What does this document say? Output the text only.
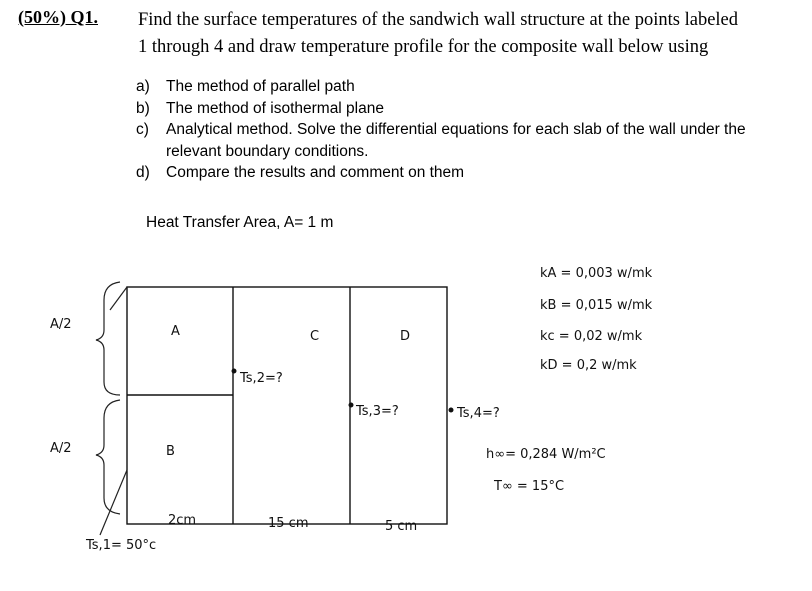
(50%) Q1. Find the surface temperatures of the sandwich wall structure at the points labeled
1 through 4 and draw temperature profile for the composite wall below using
a)	The method of parallel path
b)	The method of isothermal plane
c)	Analytical method. Solve the differential equations for each slab of the wall under the relevant boundary conditions.
d)	Compare the results and comment on them
Heat Transfer Area, A= 1 m
A
B
C	D
A/2
A/2
Ts,2=?
Ts,3=?	Ts,4=?
Ts,1= 50°c
2cm	15 cm	5 cm
kA = 0,003 w/mk
kB = 0,015 w/mk
kc = 0,02 w/mk
kD = 0,2 w/mk
h∞= 0,284 W/m²C
T∞ = 15°C
